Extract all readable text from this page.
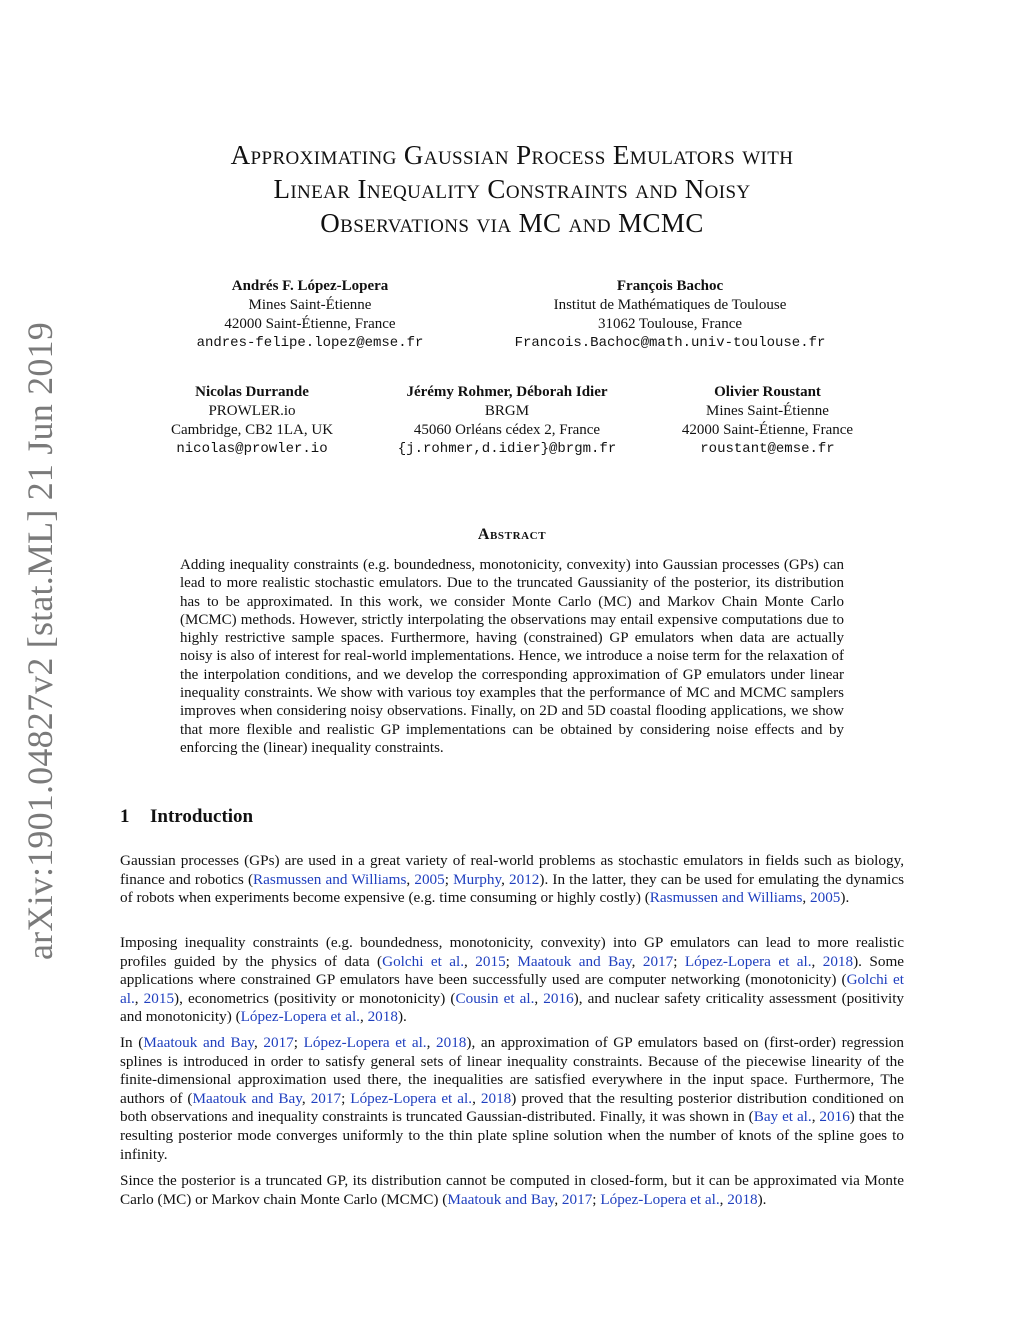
arXiv:1901.04827v2 [stat.ML] 21 Jun 2019
Approximating Gaussian Process Emulators with
Linear Inequality Constraints and Noisy
Observations via MC and MCMC
Andrés F. López-Lopera
Mines Saint-Étienne
42000 Saint-Étienne, France
andres-felipe.lopez@emse.fr
François Bachoc
Institut de Mathématiques de Toulouse
31062 Toulouse, France
Francois.Bachoc@math.univ-toulouse.fr
Nicolas Durrande
PROWLER.io
Cambridge, CB2 1LA, UK
nicolas@prowler.io
Jérémy Rohmer, Déborah Idier
BRGM
45060 Orléans cédex 2, France
{j.rohmer,d.idier}@brgm.fr
Olivier Roustant
Mines Saint-Étienne
42000 Saint-Étienne, France
roustant@emse.fr
Abstract
Adding inequality constraints (e.g. boundedness, monotonicity, convexity) into Gaussian processes (GPs) can lead to more realistic stochastic emulators. Due to the truncated Gaussianity of the posterior, its distribution has to be approximated. In this work, we consider Monte Carlo (MC) and Markov Chain Monte Carlo (MCMC) methods. However, strictly interpolating the observations may entail expensive computations due to highly restrictive sample spaces. Furthermore, having (constrained) GP emulators when data are actually noisy is also of interest for real-world implementations. Hence, we introduce a noise term for the relaxation of the interpolation conditions, and we develop the corresponding approximation of GP emulators under linear inequality constraints. We show with various toy examples that the performance of MC and MCMC samplers improves when considering noisy observations. Finally, on 2D and 5D coastal flooding applications, we show that more flexible and realistic GP implementations can be obtained by considering noise effects and by enforcing the (linear) inequality constraints.
1 Introduction
Gaussian processes (GPs) are used in a great variety of real-world problems as stochastic emulators in fields such as biology, finance and robotics (Rasmussen and Williams, 2005; Murphy, 2012). In the latter, they can be used for emulating the dynamics of robots when experiments become expensive (e.g. time consuming or highly costly) (Rasmussen and Williams, 2005).
Imposing inequality constraints (e.g. boundedness, monotonicity, convexity) into GP emulators can lead to more realistic profiles guided by the physics of data (Golchi et al., 2015; Maatouk and Bay, 2017; López-Lopera et al., 2018). Some applications where constrained GP emulators have been successfully used are computer networking (monotonicity) (Golchi et al., 2015), econometrics (positivity or monotonicity) (Cousin et al., 2016), and nuclear safety criticality assessment (positivity and monotonicity) (López-Lopera et al., 2018).
In (Maatouk and Bay, 2017; López-Lopera et al., 2018), an approximation of GP emulators based on (first-order) regression splines is introduced in order to satisfy general sets of linear inequality constraints. Because of the piecewise linearity of the finite-dimensional approximation used there, the inequalities are satisfied everywhere in the input space. Furthermore, The authors of (Maatouk and Bay, 2017; López-Lopera et al., 2018) proved that the resulting posterior distribution conditioned on both observations and inequality constraints is truncated Gaussian-distributed. Finally, it was shown in (Bay et al., 2016) that the resulting posterior mode converges uniformly to the thin plate spline solution when the number of knots of the spline goes to infinity.
Since the posterior is a truncated GP, its distribution cannot be computed in closed-form, but it can be approximated via Monte Carlo (MC) or Markov chain Monte Carlo (MCMC) (Maatouk and Bay, 2017; López-Lopera et al., 2018).
